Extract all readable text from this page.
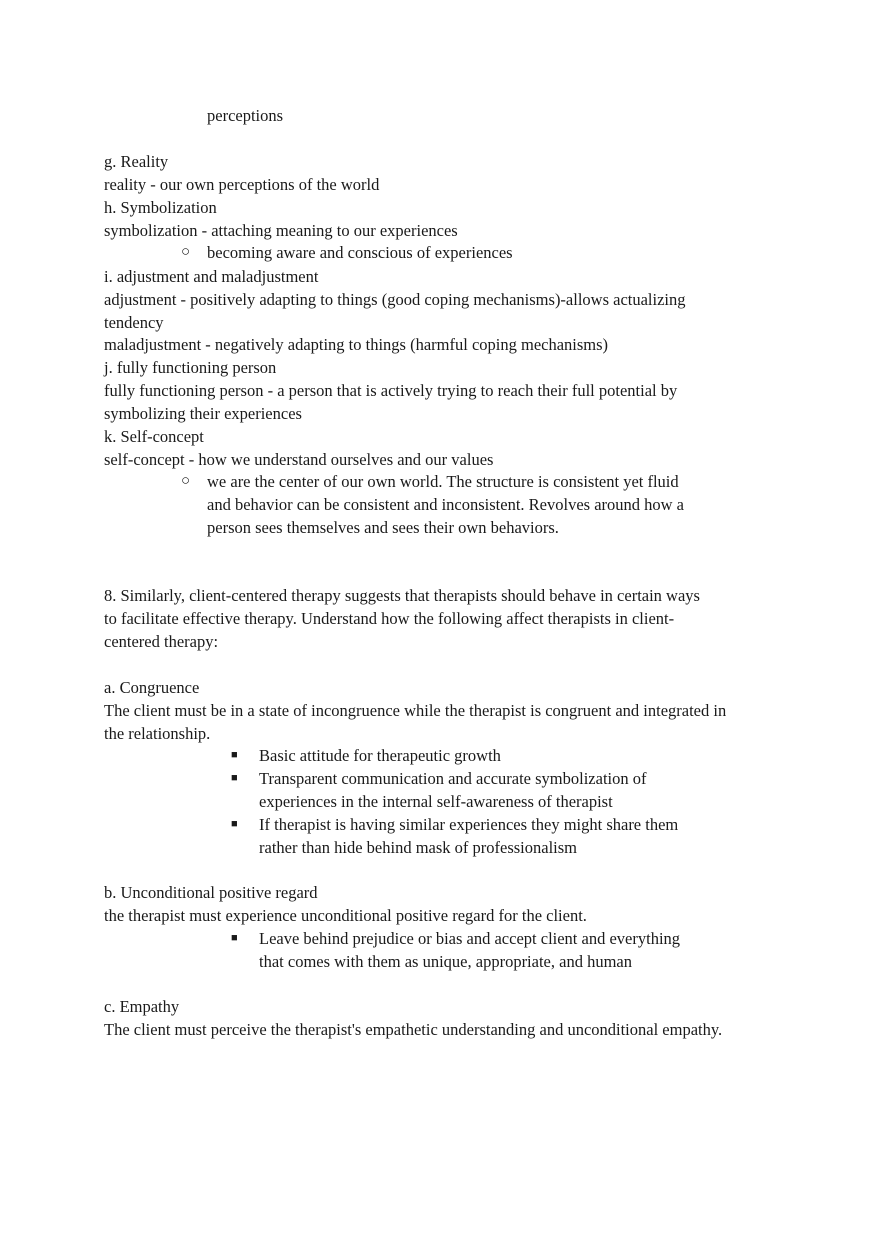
perceptions
g. Reality
reality - our own perceptions of the world
h. Symbolization
symbolization - attaching meaning to our experiences
○ becoming aware and conscious of experiences
i. adjustment and maladjustment
adjustment - positively adapting to things (good coping mechanisms)-allows actualizing
tendency
maladjustment - negatively adapting to things (harmful coping mechanisms)
j. fully functioning person
fully functioning person - a person that is actively trying to reach their full potential by
symbolizing their experiences
k. Self-concept
self-concept - how we understand ourselves and our values
○ we are the center of our own world. The structure is consistent yet fluid
and behavior can be consistent and inconsistent. Revolves around how a
person sees themselves and sees their own behaviors.
8. Similarly, client-centered therapy suggests that therapists should behave in certain ways
to facilitate effective therapy. Understand how the following affect therapists in client-
centered therapy:
a. Congruence
The client must be in a state of incongruence while the therapist is congruent and integrated in
the relationship.
■ Basic attitude for therapeutic growth
■ Transparent communication and accurate symbolization of
experiences in the internal self-awareness of therapist
■ If therapist is having similar experiences they might share them
rather than hide behind mask of professionalism
b. Unconditional positive regard
the therapist must experience unconditional positive regard for the client.
■ Leave behind prejudice or bias and accept client and everything
that comes with them as unique, appropriate, and human
c. Empathy
The client must perceive the therapist's empathetic understanding and unconditional empathy.
